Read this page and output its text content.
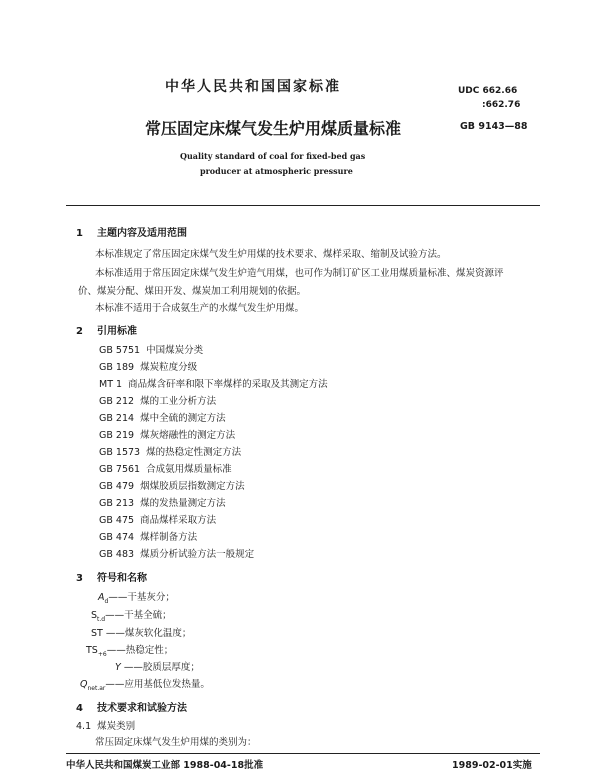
中华人民共和国国家标准	UDC 662.66
:662.76
常压固定床煤气发生炉用煤质量标准	GB 9143—88
Quality standard of coal for fixed-bed gas
producer at atmospheric pressure
1 主题内容及适用范围
本标准规定了常压固定床煤气发生炉用煤的技术要求、煤样采取、缩制及试验方法。
本标准适用于常压固定床煤气发生炉造气用煤，也可作为制订矿区工业用煤质量标准、煤炭资源评
价、煤炭分配、煤田开发、煤炭加工利用规划的依据。
本标准不适用于合成氨生产的水煤气发生炉用煤。
2 引用标准
GB 5751 中国煤炭分类
GB 189 煤炭粒度分级
MT 1 商品煤含矸率和限下率煤样的采取及其测定方法
GB 212 煤的工业分析方法
GB 214 煤中全硫的测定方法
GB 219 煤灰熔融性的测定方法
GB 1573 煤的热稳定性测定方法
GB 7561 合成氨用煤质量标准
GB 479 烟煤胶质层指数测定方法
GB 213 煤的发热量测定方法
GB 475 商品煤样采取方法
GB 474 煤样制备方法
GB 483 煤质分析试验方法一般规定
3 符号和名称
$A_d——$干基灰分；
$S_{t.d}——$干基全硫；
ST ——煤灰软化温度；
$TS_{+6}——$热稳定性；
Y ——胶质层厚度；
$Q_{net.ar}——$应用基低位发热量。
4 技术要求和试验方法
4.1 煤炭类别
常压固定床煤气发生炉用煤的类别为：
中华人民共和国煤炭工业部 1988-04-18批准	1989-02-01实施
